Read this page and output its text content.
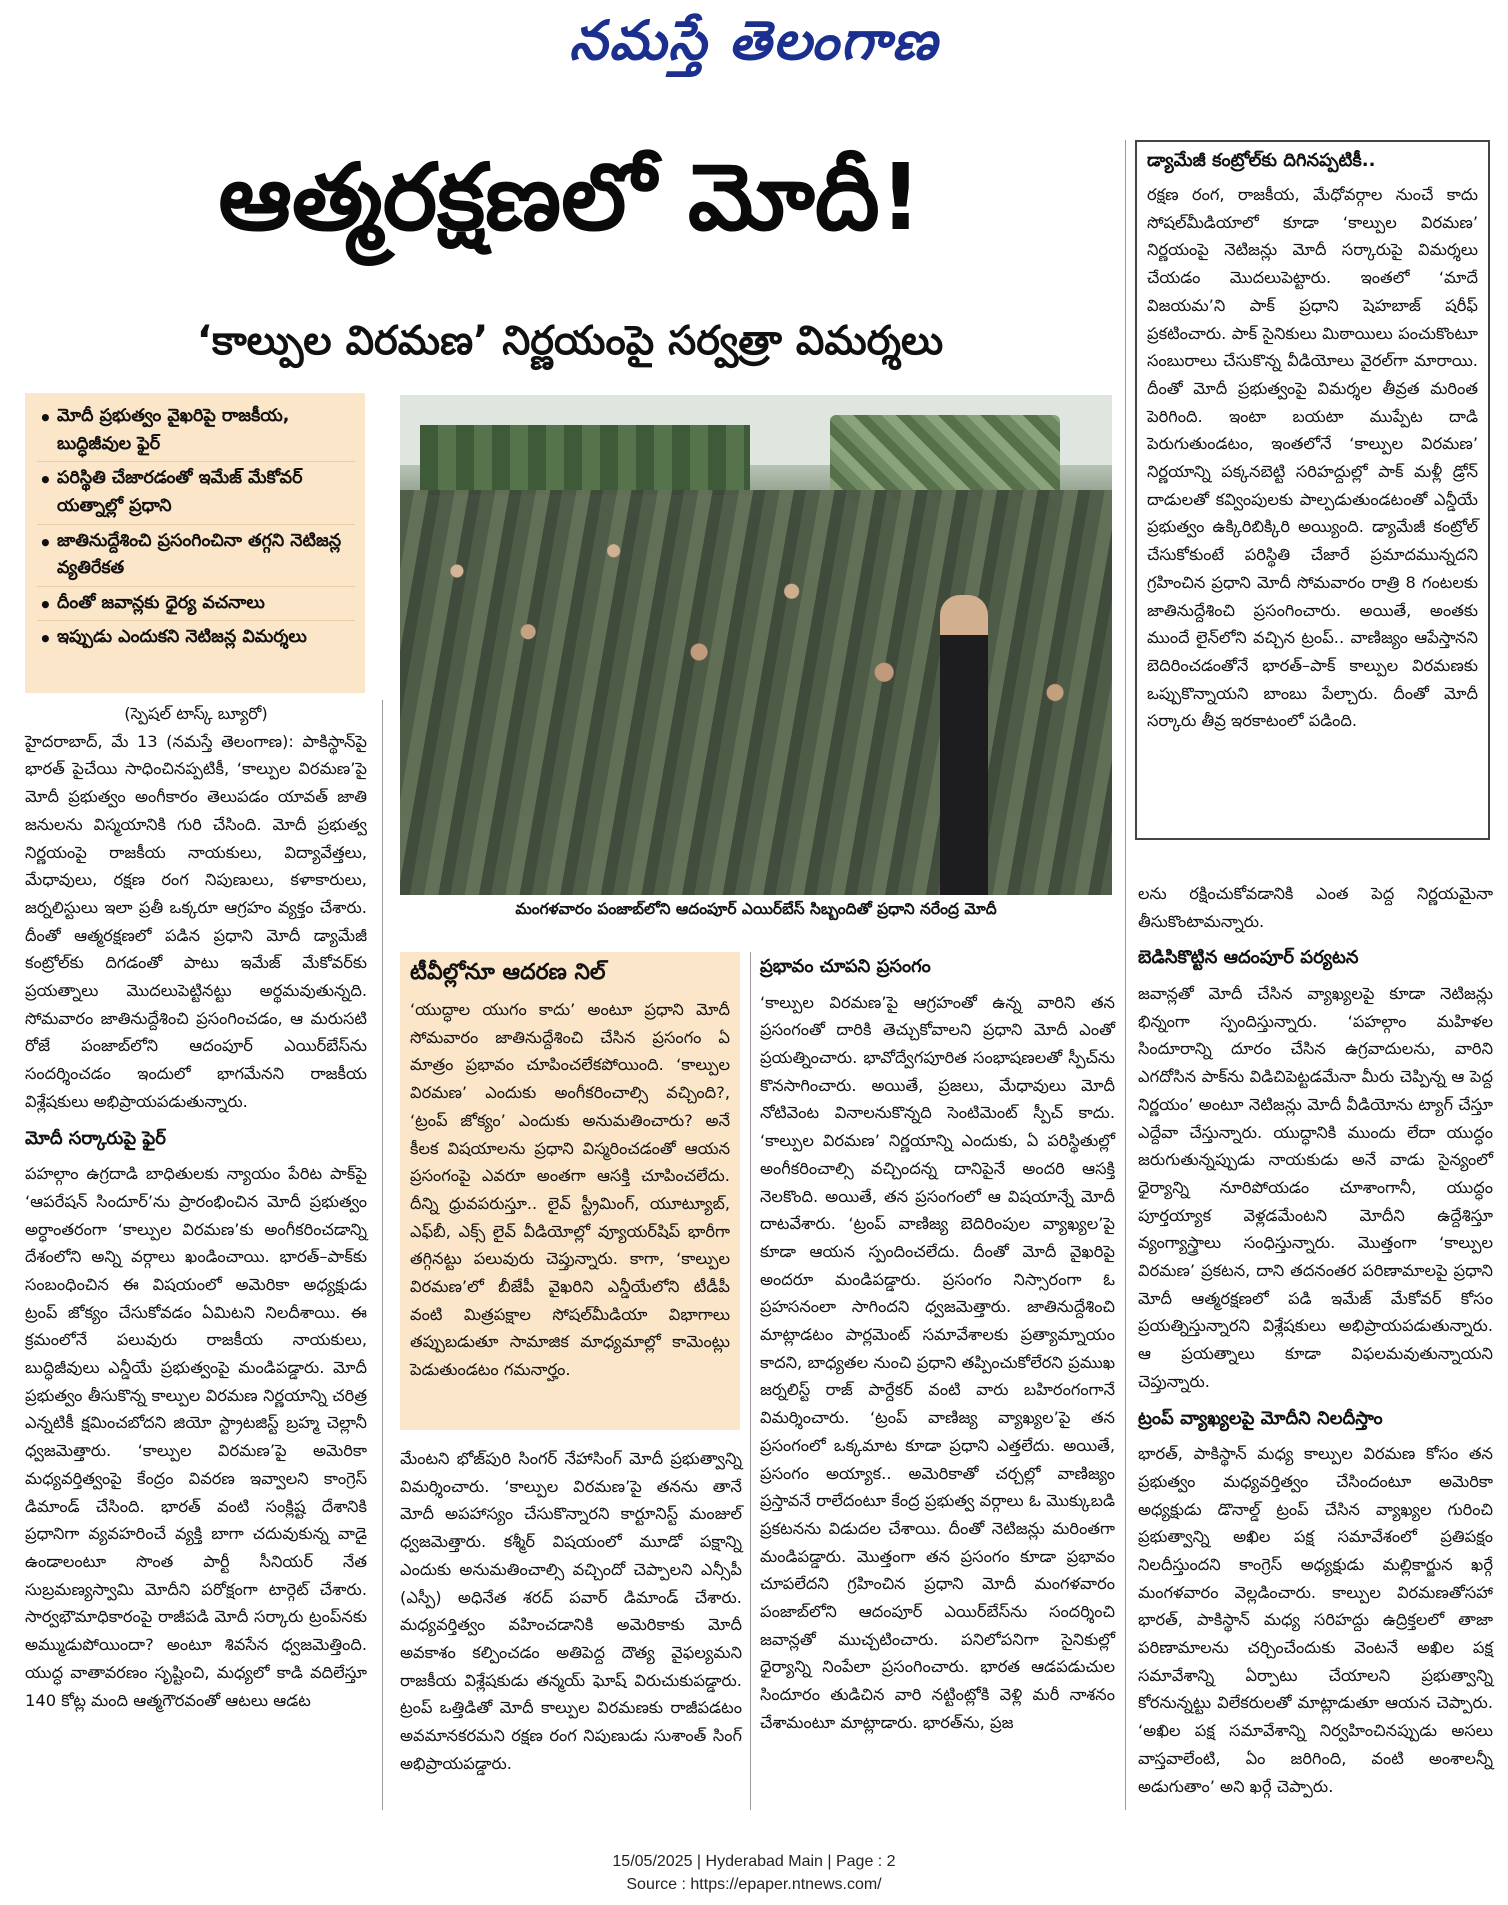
నమస్తే తెలంగాణ
ఆత్మరక్షణలో మోదీ!
‘కాల్పుల విరమణ’ నిర్ణయంపై సర్వత్రా విమర్శలు
• మోదీ ప్రభుత్వం వైఖరిపై రాజకీయ, బుద్ధిజీవుల ఫైర్
• పరిస్థితి చేజారడంతో ఇమేజ్ మేకోవర్ యత్నాల్లో ప్రధాని
• జాతినుద్దేశించి ప్రసంగించినా తగ్గని నెటిజన్ల వ్యతిరేకత
• దీంతో జవాన్లకు ధైర్య వచనాలు
• ఇప్పుడు ఎందుకని నెటిజన్ల విమర్శలు
మంగళవారం పంజాబ్‌లోని ఆదంపూర్ ఎయిర్‌బేస్ సిబ్బందితో ప్రధాని నరేంద్ర మోదీ

(స్పెషల్ టాస్క్ బ్యూరో)

హైదరాబాద్, మే 13 (నమస్తే తెలంగాణ): పాకిస్థాన్‌పై భారత్ పైచేయి సాధించినప్పటికీ, ‘కాల్పుల విరమణ’పై మోదీ ప్రభుత్వం అంగీకారం తెలుపడం యావత్ జాతి జనులను విస్మయానికి గురి చేసింది. మోదీ ప్రభుత్వ నిర్ణయంపై రాజకీయ నాయకులు, విద్యావేత్తలు, మేధావులు, రక్షణ రంగ నిపుణులు, కళాకారులు, జర్నలిస్టులు ఇలా ప్రతీ ఒక్కరూ ఆగ్రహం వ్యక్తం చేశారు. దీంతో ఆత్మరక్షణలో పడిన ప్రధాని మోదీ డ్యామేజీ కంట్రోల్‌కు దిగడంతో పాటు ఇమేజ్ మేకోవర్‌కు ప్రయత్నాలు మొదలుపెట్టినట్టు అర్థమవుతున్నది. సోమవారం జాతినుద్దేశించి ప్రసంగించడం, ఆ మరుసటి రోజే పంజాబ్‌లోని ఆదంపూర్ ఎయిర్‌బేస్‌ను సందర్శించడం ఇందులో భాగమేనని రాజకీయ విశ్లేషకులు అభిప్రాయపడుతున్నారు.

మోదీ సర్కారుపై ఫైర్

పహల్గాం ఉగ్రదాడి బాధితులకు న్యాయం పేరిట పాక్‌పై ‘ఆపరేషన్ సిందూర్’ను ప్రారంభించిన మోదీ ప్రభుత్వం అర్ధాంతరంగా ‘కాల్పుల విరమణ’కు అంగీకరించడాన్ని దేశంలోని అన్ని వర్గాలు ఖండించాయి. భారత్–పాక్‌కు సంబంధించిన ఈ విషయంలో అమెరికా అధ్యక్షుడు ట్రంప్ జోక్యం చేసుకోవడం ఏమిటని నిలదీశాయి. ఈ క్రమంలోనే పలువురు రాజకీయ నాయకులు, బుద్ధిజీవులు ఎన్డీయే ప్రభుత్వంపై మండిపడ్డారు. మోదీ ప్రభుత్వం తీసుకొన్న కాల్పుల విరమణ నిర్ణయాన్ని చరిత్ర ఎన్నటికీ క్షమించబోదని జియో స్ట్రాటజిస్ట్ బ్రహ్మ చెల్లానీ ధ్వజమెత్తారు. ‘కాల్పుల విరమణ’పై అమెరికా మధ్యవర్తిత్వంపై కేంద్రం వివరణ ఇవ్వాలని కాంగ్రెస్ డిమాండ్ చేసింది. భారత్ వంటి సంక్లిష్ట దేశానికి ప్రధానిగా వ్యవహరించే వ్యక్తి బాగా చదువుకున్న వాడై ఉండాలంటూ సొంత పార్టీ సీనియర్ నేత సుబ్రమణ్యస్వామి మోదీని పరోక్షంగా టార్గెట్ చేశారు. సార్వభౌమాధికారంపై రాజీపడి మోదీ సర్కారు ట్రంప్‌నకు అమ్ముడుపోయిందా? అంటూ శివసేన ధ్వజమెత్తింది. యుద్ధ వాతావరణం సృష్టించి, మధ్యలో కాడి వదిలేస్తూ 140 కోట్ల మంది ఆత్మగౌరవంతో ఆటలు ఆడట

టీవీల్లోనూ ఆదరణ నిల్

‘యుద్ధాల యుగం కాదు’ అంటూ ప్రధాని మోదీ సోమవారం జాతినుద్దేశించి చేసిన ప్రసంగం ఏ మాత్రం ప్రభావం చూపించలేకపోయింది. ‘కాల్పుల విరమణ’ ఎందుకు అంగీకరించాల్సి వచ్చింది?, ‘ట్రంప్ జోక్యం’ ఎందుకు అనుమతించారు? అనే కీలక విషయాలను ప్రధాని విస్మరించడంతో ఆయన ప్రసంగంపై ఎవరూ అంతగా ఆసక్తి చూపించలేదు. దీన్ని ధ్రువపరుస్తూ.. లైవ్ స్ట్రీమింగ్, యూట్యూబ్, ఎఫ్‌బీ, ఎక్స్ లైవ్ వీడియోల్లో వ్యూయర్‌షిప్ భారీగా తగ్గినట్టు పలువురు చెప్తున్నారు. కాగా, ‘కాల్పుల విరమణ’లో బీజేపీ వైఖరిని ఎన్డీయేలోని టీడీపీ వంటి మిత్రపక్షాల సోషల్‌మీడియా విభాగాలు తప్పుబడుతూ సామాజిక మాధ్యమాల్లో కామెంట్లు పెడుతుండటం గమనార్హం.

మేంటని భోజ్‌పురి సింగర్ నేహాసింగ్ మోదీ ప్రభుత్వాన్ని విమర్శించారు. ‘కాల్పుల విరమణ’పై తనను తానే మోదీ అపహాస్యం చేసుకొన్నారని కార్టూనిస్ట్ మంజుల్ ధ్వజమెత్తారు. కశ్మీర్ విషయంలో మూడో పక్షాన్ని ఎందుకు అనుమతించాల్సి వచ్చిందో చెప్పాలని ఎన్సీపీ (ఎస్పీ) అధినేత శరద్ పవార్ డిమాండ్ చేశారు. మధ్యవర్తిత్వం వహించడానికి అమెరికాకు మోదీ అవకాశం కల్పించడం అతిపెద్ద దౌత్య వైఫల్యమని రాజకీయ విశ్లేషకుడు తన్మయ్ ఘోష్ విరుచుకుపడ్డారు. ట్రంప్ ఒత్తిడితో మోదీ కాల్పుల విరమణకు రాజీపడటం అవమానకరమని రక్షణ రంగ నిపుణుడు సుశాంత్ సింగ్ అభిప్రాయపడ్డారు.

ప్రభావం చూపని ప్రసంగం

‘కాల్పుల విరమణ’పై ఆగ్రహంతో ఉన్న వారిని తన ప్రసంగంతో దారికి తెచ్చుకోవాలని ప్రధాని మోదీ ఎంతో ప్రయత్నించారు. భావోద్వేగపూరిత సంభాషణలతో స్పీచ్‌ను కొనసాగించారు. అయితే, ప్రజలు, మేధావులు మోదీ నోటివెంట వినాలనుకొన్నది సెంటిమెంట్ స్పీచ్ కాదు. ‘కాల్పుల విరమణ’ నిర్ణయాన్ని ఎందుకు, ఏ పరిస్థితుల్లో అంగీకరించాల్సి వచ్చిందన్న దానిపైనే అందరి ఆసక్తి నెలకొంది. అయితే, తన ప్రసంగంలో ఆ విషయాన్నే మోదీ దాటవేశారు. ‘ట్రంప్ వాణిజ్య బెదిరింపుల వ్యాఖ్యల’పై కూడా ఆయన స్పందించలేదు. దీంతో మోదీ వైఖరిపై అందరూ మండిపడ్డారు. ప్రసంగం నిస్సారంగా ఓ ప్రహసనంలా సాగిందని ధ్వజమెత్తారు. జాతినుద్దేశించి మాట్లాడటం పార్లమెంట్ సమావేశాలకు ప్రత్యామ్నాయం కాదని, బాధ్యతల నుంచి ప్రధాని తప్పించుకోలేరని ప్రముఖ జర్నలిస్ట్ రాజ్ పార్దేకర్ వంటి వారు బహిరంగంగానే విమర్శించారు. ‘ట్రంప్ వాణిజ్య వ్యాఖ్యల’పై తన ప్రసంగంలో ఒక్కమాట కూడా ప్రధాని ఎత్తలేదు. అయితే, ప్రసంగం అయ్యాక.. అమెరికాతో చర్చల్లో వాణిజ్యం ప్రస్తావనే రాలేదంటూ కేంద్ర ప్రభుత్వ వర్గాలు ఓ మొక్కుబడి ప్రకటనను విడుదల చేశాయి. దీంతో నెటిజన్లు మరింతగా మండిపడ్డారు. మొత్తంగా తన ప్రసంగం కూడా ప్రభావం చూపలేదని గ్రహించిన ప్రధాని మోదీ మంగళవారం పంజాబ్‌లోని ఆదంపూర్ ఎయిర్‌బేస్‌ను సందర్శించి జవాన్లతో ముచ్చటించారు. పనిలోపనిగా సైనికుల్లో ధైర్యాన్ని నింపేలా ప్రసంగించారు. భారత ఆడపడుచుల సిందూరం తుడిచిన వారి నట్టింట్లోకి వెళ్లి మరీ నాశనం చేశామంటూ మాట్లాడారు. భారత్‌ను, ప్రజ

డ్యామేజీ కంట్రోల్‌కు దిగినప్పటికీ..

రక్షణ రంగ, రాజకీయ, మేధోవర్గాల నుంచే కాదు సోషల్‌మీడియాలో కూడా ‘కాల్పుల విరమణ’ నిర్ణయంపై నెటిజన్లు మోదీ సర్కారుపై విమర్శలు చేయడం మొదలుపెట్టారు. ఇంతలో ‘మాదే విజయమ’ని పాక్ ప్రధాని షెహబాజ్ షరీఫ్ ప్రకటించారు. పాక్ సైనికులు మిఠాయిలు పంచుకొంటూ సంబురాలు చేసుకొన్న వీడియోలు వైరల్‌గా మారాయి. దీంతో మోదీ ప్రభుత్వంపై విమర్శల తీవ్రత మరింత పెరిగింది. ఇంటా బయటా ముప్పేట దాడి పెరుగుతుండటం, ఇంతలోనే ‘కాల్పుల విరమణ’ నిర్ణయాన్ని పక్కనబెట్టి సరిహద్దుల్లో పాక్ మళ్లీ డ్రోన్ దాడులతో కవ్వింపులకు పాల్పడుతుండటంతో ఎన్డీయే ప్రభుత్వం ఉక్కిరిబిక్కిరి అయ్యింది. డ్యామేజీ కంట్రోల్ చేసుకోకుంటే పరిస్థితి చేజారే ప్రమాదమున్నదని గ్రహించిన ప్రధాని మోదీ సోమవారం రాత్రి 8 గంటలకు జాతినుద్దేశించి ప్రసంగించారు. అయితే, అంతకు ముందే లైన్‌లోని వచ్చిన ట్రంప్.. వాణిజ్యం ఆపేస్తానని బెదిరించడంతోనే భారత్–పాక్ కాల్పుల విరమణకు ఒప్పుకొన్నాయని బాంబు పేల్చారు. దీంతో మోదీ సర్కారు తీవ్ర ఇరకాటంలో పడింది.

లను రక్షించుకోవడానికి ఎంత పెద్ద నిర్ణయమైనా తీసుకొంటామన్నారు.

బెడిసికొట్టిన ఆదంపూర్ పర్యటన

జవాన్లతో మోదీ చేసిన వ్యాఖ్యలపై కూడా నెటిజన్లు భిన్నంగా స్పందిస్తున్నారు. ‘పహల్గాం మహిళల సిందూరాన్ని దూరం చేసిన ఉగ్రవాదులను, వారిని ఎగదోసిన పాక్‌ను విడిచిపెట్టడమేనా మీరు చెప్పిన్న ఆ పెద్ద నిర్ణయం’ అంటూ నెటిజన్లు మోదీ వీడియోను ట్యాగ్ చేస్తూ ఎద్దేవా చేస్తున్నారు. యుద్ధానికి ముందు లేదా యుద్ధం జరుగుతున్నప్పుడు నాయకుడు అనే వాడు సైన్యంలో ధైర్యాన్ని నూరిపోయడం చూశాంగానీ, యుద్ధం పూర్తయ్యాక వెళ్లడమేంటని మోదీని ఉద్దేశిస్తూ వ్యంగ్యాస్త్రాలు సంధిస్తున్నారు. మొత్తంగా ‘కాల్పుల విరమణ’ ప్రకటన, దాని తదనంతర పరిణామాలపై ప్రధాని మోదీ ఆత్మరక్షణలో పడి ఇమేజ్ మేకోవర్ కోసం ప్రయత్నిస్తున్నారని విశ్లేషకులు అభిప్రాయపడుతున్నారు. ఆ ప్రయత్నాలు కూడా విఫలమవుతున్నాయని చెప్తున్నారు.

ట్రంప్ వ్యాఖ్యలపై మోదీని నిలదీస్తాం

భారత్, పాకిస్థాన్ మధ్య కాల్పుల విరమణ కోసం తన ప్రభుత్వం మధ్యవర్తిత్వం చేసిందంటూ అమెరికా అధ్యక్షుడు డొనాల్డ్ ట్రంప్ చేసిన వ్యాఖ్యల గురించి ప్రభుత్వాన్ని అఖిల పక్ష సమావేశంలో ప్రతిపక్షం నిలదీస్తుందని కాంగ్రెస్ అధ్యక్షుడు మల్లికార్జున ఖర్గే మంగళవారం వెల్లడించారు. కాల్పుల విరమణతోసహా భారత్, పాకిస్థాన్ మధ్య సరిహద్దు ఉద్రిక్తలలో తాజా పరిణామాలను చర్చించేందుకు వెంటనే అఖిల పక్ష సమావేశాన్ని ఏర్పాటు చేయాలని ప్రభుత్వాన్ని కోరనున్నట్టు విలేకరులతో మాట్లాడుతూ ఆయన చెప్పారు. ‘అఖిల పక్ష సమావేశాన్ని నిర్వహించినప్పుడు అసలు వాస్తవాలేంటి, ఏం జరిగింది, వంటి అంశాలన్నీ అడుగుతాం’ అని ఖర్గే చెప్పారు.

15/05/2025 | Hyderabad Main | Page : 2
Source : https://epaper.ntnews.com/
